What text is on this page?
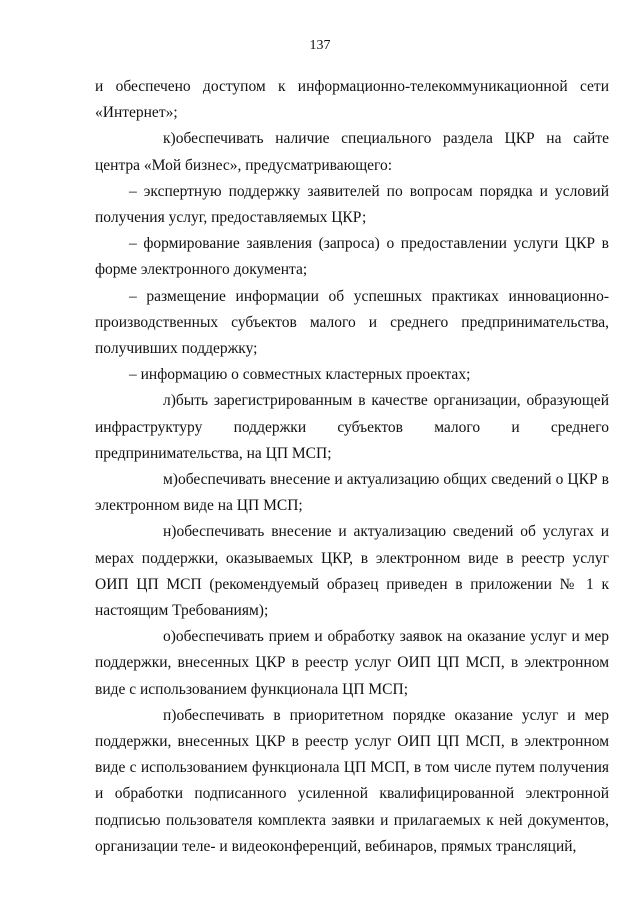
137

и обеспечено доступом к информационно-телекоммуникационной сети «Интернет»;

к)обеспечивать наличие специального раздела ЦКР на сайте центра «Мой бизнес», предусматривающего:

– экспертную поддержку заявителей по вопросам порядка и условий получения услуг, предоставляемых ЦКР;

– формирование заявления (запроса) о предоставлении услуги ЦКР в форме электронного документа;

– размещение информации об успешных практиках инновационно-производственных субъектов малого и среднего предпринимательства, получивших поддержку;

– информацию о совместных кластерных проектах;

л)быть зарегистрированным в качестве организации, образующей инфраструктуру поддержки субъектов малого и среднего предпринимательства, на ЦП МСП;

м)обеспечивать внесение и актуализацию общих сведений о ЦКР в электронном виде на ЦП МСП;

н)обеспечивать внесение и актуализацию сведений об услугах и мерах поддержки, оказываемых ЦКР, в электронном виде в реестр услуг ОИП ЦП МСП (рекомендуемый образец приведен в приложении № 1 к настоящим Требованиям);

о)обеспечивать прием и обработку заявок на оказание услуг и мер поддержки, внесенных ЦКР в реестр услуг ОИП ЦП МСП, в электронном виде с использованием функционала ЦП МСП;

п)обеспечивать в приоритетном порядке оказание услуг и мер поддержки, внесенных ЦКР в реестр услуг ОИП ЦП МСП, в электронном виде с использованием функционала ЦП МСП, в том числе путем получения и обработки подписанного усиленной квалифицированной электронной подписью пользователя комплекта заявки и прилагаемых к ней документов, организации теле- и видеоконференций, вебинаров, прямых трансляций,
